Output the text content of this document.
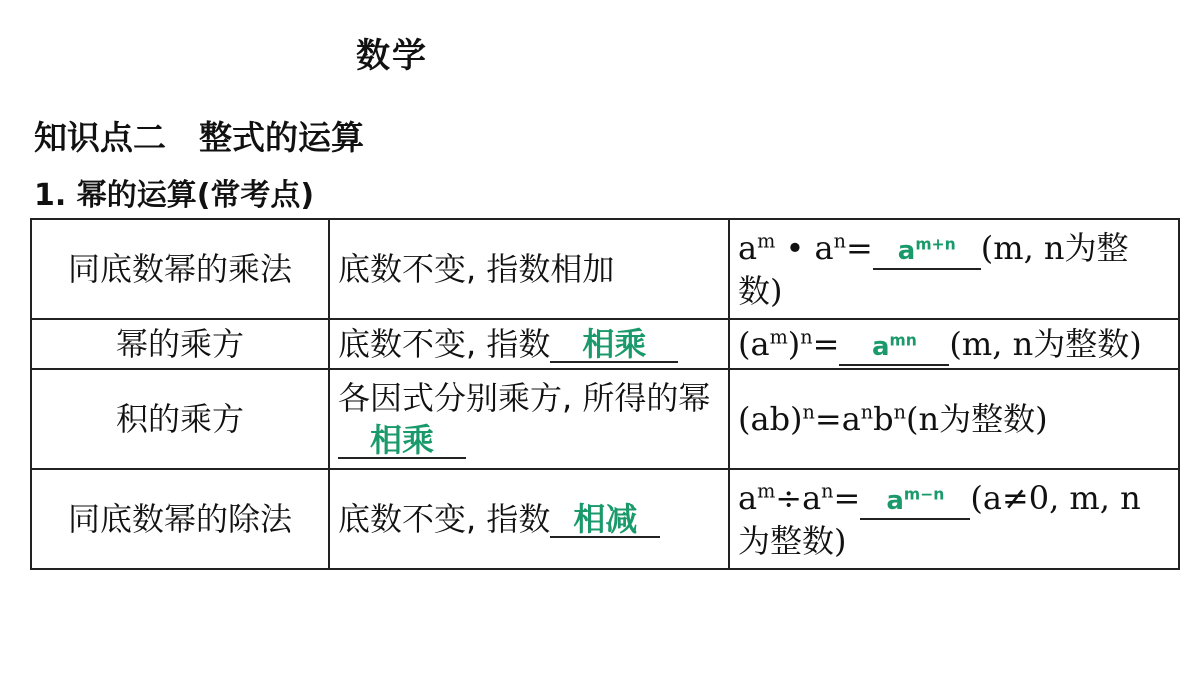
数学
知识点二　整式的运算
1. 幂的运算(常考点)
同底数幂的乘法	底数不变, 指数相加	$a^m$ • $a^n= a^{m+n}$ (m, n为整数)
幂的乘方	底数不变, 指数 相乘	$(a^m)^n= a^{mn}$ (m, n为整数)
积的乘方	各因式分别乘方, 所得的幂相乘	$(ab)^n=a^nb^n(n$为整数)
同底数幂的除法	底数不变, 指数 相减	$a^m\div a^n= a^{m-n}$ (a≠0, m, n为整数)
